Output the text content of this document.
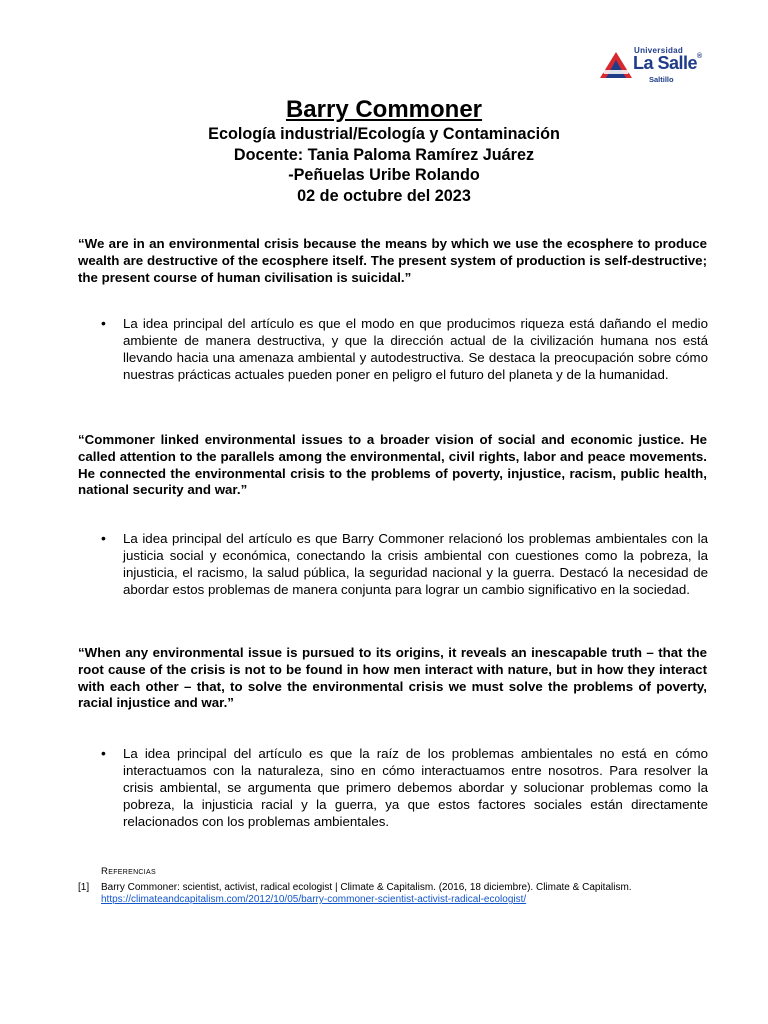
Universidad
La Salle®
Saltillo
Barry Commoner

Ecología industrial/Ecología y Contaminación

Docente: Tania Paloma Ramírez Juárez

-Peñuelas Uribe Rolando

02 de octubre del 2023

“We are in an environmental crisis because the means by which we use the ecosphere to produce wealth are destructive of the ecosphere itself. The present system of production is self-destructive; the present course of human civilisation is suicidal.”

• La idea principal del artículo es que el modo en que producimos riqueza está dañando el medio ambiente de manera destructiva, y que la dirección actual de la civilización humana nos está llevando hacia una amenaza ambiental y autodestructiva. Se destaca la preocupación sobre cómo nuestras prácticas actuales pueden poner en peligro el futuro del planeta y de la humanidad.

“Commoner linked environmental issues to a broader vision of social and economic justice. He called attention to the parallels among the environmental, civil rights, labor and peace movements. He connected the environmental crisis to the problems of poverty, injustice, racism, public health, national security and war.”

• La idea principal del artículo es que Barry Commoner relacionó los problemas ambientales con la justicia social y económica, conectando la crisis ambiental con cuestiones como la pobreza, la injusticia, el racismo, la salud pública, la seguridad nacional y la guerra. Destacó la necesidad de abordar estos problemas de manera conjunta para lograr un cambio significativo en la sociedad.

“When any environmental issue is pursued to its origins, it reveals an inescapable truth – that the root cause of the crisis is not to be found in how men interact with nature, but in how they interact with each other – that, to solve the environmental crisis we must solve the problems of poverty, racial injustice and war.”

• La idea principal del artículo es que la raíz de los problemas ambientales no está en cómo interactuamos con la naturaleza, sino en cómo interactuamos entre nosotros. Para resolver la crisis ambiental, se argumenta que primero debemos abordar y solucionar problemas como la pobreza, la injusticia racial y la guerra, ya que estos factores sociales están directamente relacionados con los problemas ambientales.

Referencias
[1] Barry Commoner: scientist, activist, radical ecologist | Climate & Capitalism. (2016, 18 diciembre). Climate & Capitalism.
https://climateandcapitalism.com/2012/10/05/barry-commoner-scientist-activist-radical-ecologist/
